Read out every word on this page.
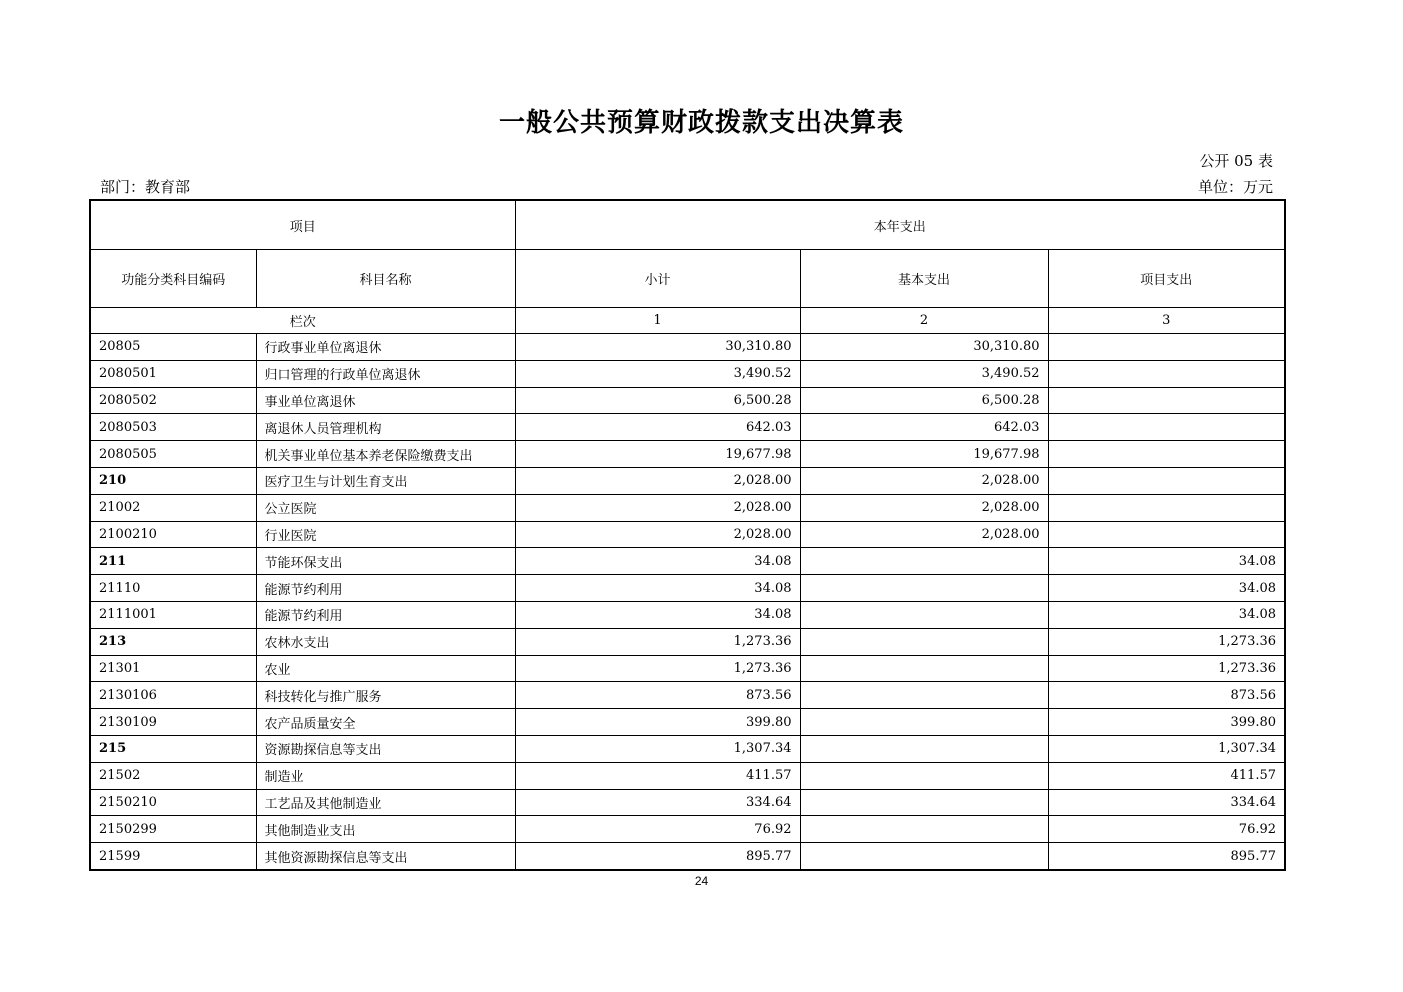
一般公共预算财政拨款支出决算表
公开 05 表
部门：教育部	单位：万元
项目		本年支出		
功能分类科目编码	科目名称	小计	基本支出	项目支出
栏次		1	2	3
20805	行政事业单位离退休	30,310.80	30,310.80	
2080501	归口管理的行政单位离退休	3,490.52	3,490.52	
2080502	事业单位离退休	6,500.28	6,500.28	
2080503	离退休人员管理机构	642.03	642.03	
2080505	机关事业单位基本养老保险缴费支出	19,677.98	19,677.98	
210	医疗卫生与计划生育支出	2,028.00	2,028.00	
21002	公立医院	2,028.00	2,028.00	
2100210	行业医院	2,028.00	2,028.00	
211	节能环保支出	34.08		34.08
21110	能源节约利用	34.08		34.08
2111001	能源节约利用	34.08		34.08
213	农林水支出	1,273.36		1,273.36
21301	农业	1,273.36		1,273.36
2130106	科技转化与推广服务	873.56		873.56
2130109	农产品质量安全	399.80		399.80
215	资源勘探信息等支出	1,307.34		1,307.34
21502	制造业	411.57		411.57
2150210	工艺品及其他制造业	334.64		334.64
2150299	其他制造业支出	76.92		76.92
21599	其他资源勘探信息等支出	895.77		895.77
24
